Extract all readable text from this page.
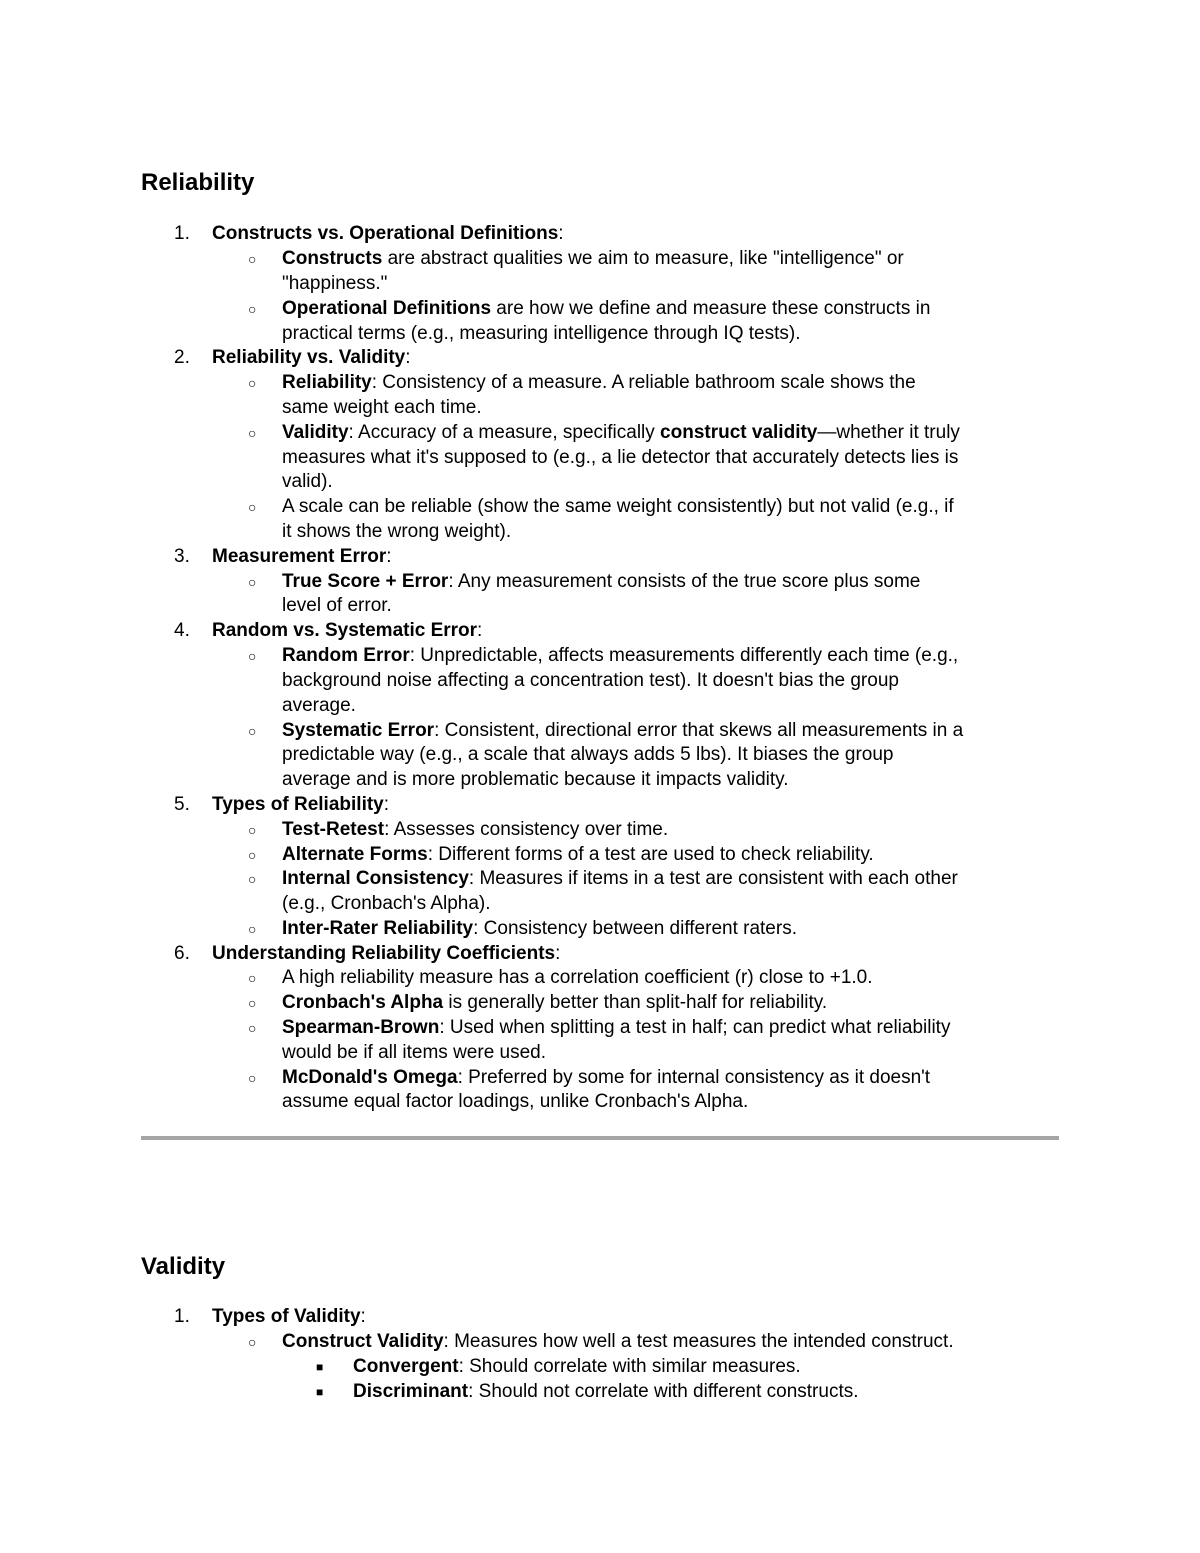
Reliability
1. Constructs vs. Operational Definitions:
○ Constructs are abstract qualities we aim to measure, like "intelligence" or
"happiness."
○ Operational Definitions are how we define and measure these constructs in
practical terms (e.g., measuring intelligence through IQ tests).
2. Reliability vs. Validity:
○ Reliability: Consistency of a measure. A reliable bathroom scale shows the
same weight each time.
○ Validity: Accuracy of a measure, specifically construct validity—whether it truly
measures what it's supposed to (e.g., a lie detector that accurately detects lies is
valid).
○ A scale can be reliable (show the same weight consistently) but not valid (e.g., if
it shows the wrong weight).
3. Measurement Error:
○ True Score + Error: Any measurement consists of the true score plus some
level of error.
4. Random vs. Systematic Error:
○ Random Error: Unpredictable, affects measurements differently each time (e.g.,
background noise affecting a concentration test). It doesn't bias the group
average.
○ Systematic Error: Consistent, directional error that skews all measurements in a
predictable way (e.g., a scale that always adds 5 lbs). It biases the group
average and is more problematic because it impacts validity.
5. Types of Reliability:
○ Test-Retest: Assesses consistency over time.
○ Alternate Forms: Different forms of a test are used to check reliability.
○ Internal Consistency: Measures if items in a test are consistent with each other
(e.g., Cronbach's Alpha).
○ Inter-Rater Reliability: Consistency between different raters.
6. Understanding Reliability Coefficients:
○ A high reliability measure has a correlation coefficient (r) close to +1.0.
○ Cronbach's Alpha is generally better than split-half for reliability.
○ Spearman-Brown: Used when splitting a test in half; can predict what reliability
would be if all items were used.
○ McDonald's Omega: Preferred by some for internal consistency as it doesn't
assume equal factor loadings, unlike Cronbach's Alpha.
Validity
1. Types of Validity:
○ Construct Validity: Measures how well a test measures the intended construct.
■ Convergent: Should correlate with similar measures.
■ Discriminant: Should not correlate with different constructs.
